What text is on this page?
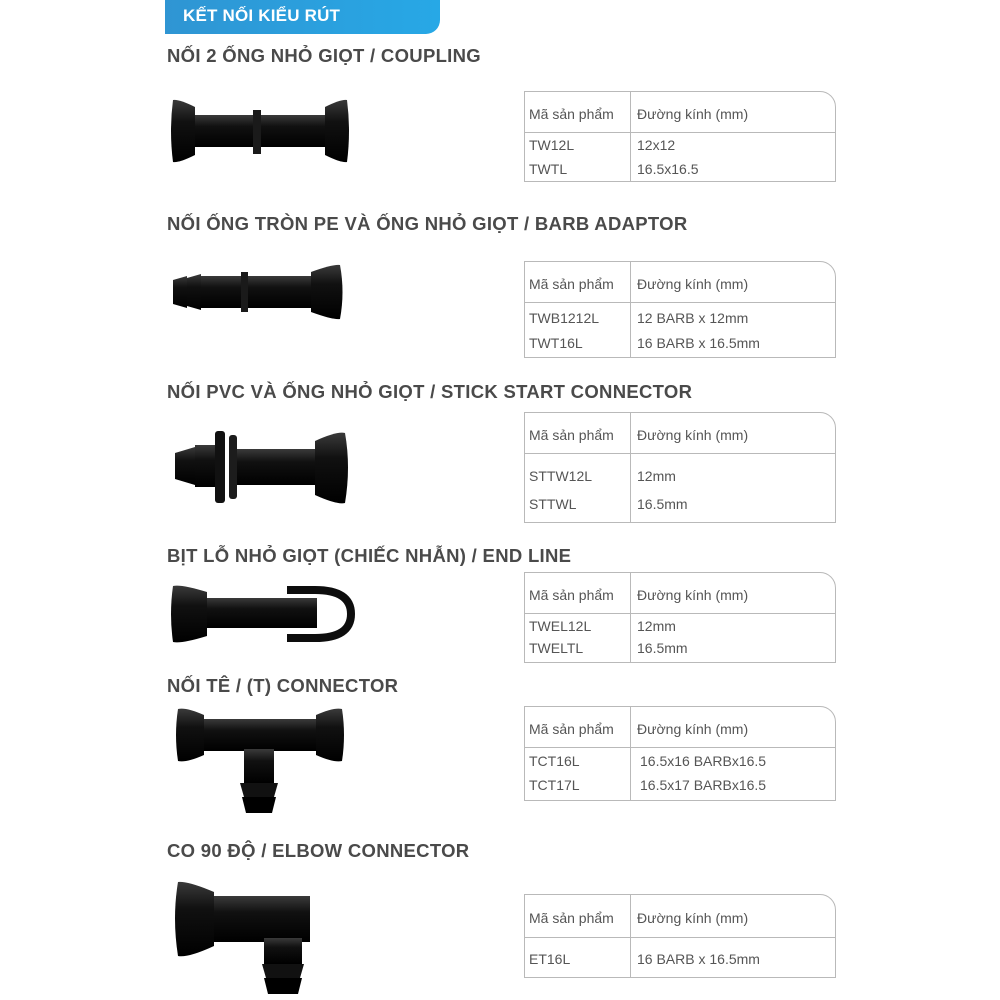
KẾT NỐI KIỂU RÚT
NỐI 2 ỐNG NHỎ GIỌT / COUPLING
Mã sản phẩm Đường kính (mm)
TW12L	12x12
TWTL	16.5x16.5
NỐI ỐNG TRÒN PE VÀ ỐNG NHỎ GIỌT / BARB ADAPTOR
Mã sản phẩm Đường kính (mm)
TWB1212L	12 BARB x 12mm
TWT16L	16 BARB x 16.5mm
NỐI PVC VÀ ỐNG NHỎ GIỌT / STICK START CONNECTOR
Mã sản phẩm Đường kính (mm)
STTW12L	12mm
STTWL	16.5mm
BỊT LỖ NHỎ GIỌT (CHIẾC NHẪN) / END LINE
Mã sản phẩm Đường kính (mm)
TWEL12L	12mm
TWELTL	16.5mm
NỐI TÊ / (T) CONNECTOR
Mã sản phẩm Đường kính (mm)
TCT16L	16.5x16 BARBx16.5
TCT17L	16.5x17 BARBx16.5
CO 90 ĐỘ / ELBOW CONNECTOR
Mã sản phẩm Đường kính (mm)
ET16L	16 BARB x 16.5mm
